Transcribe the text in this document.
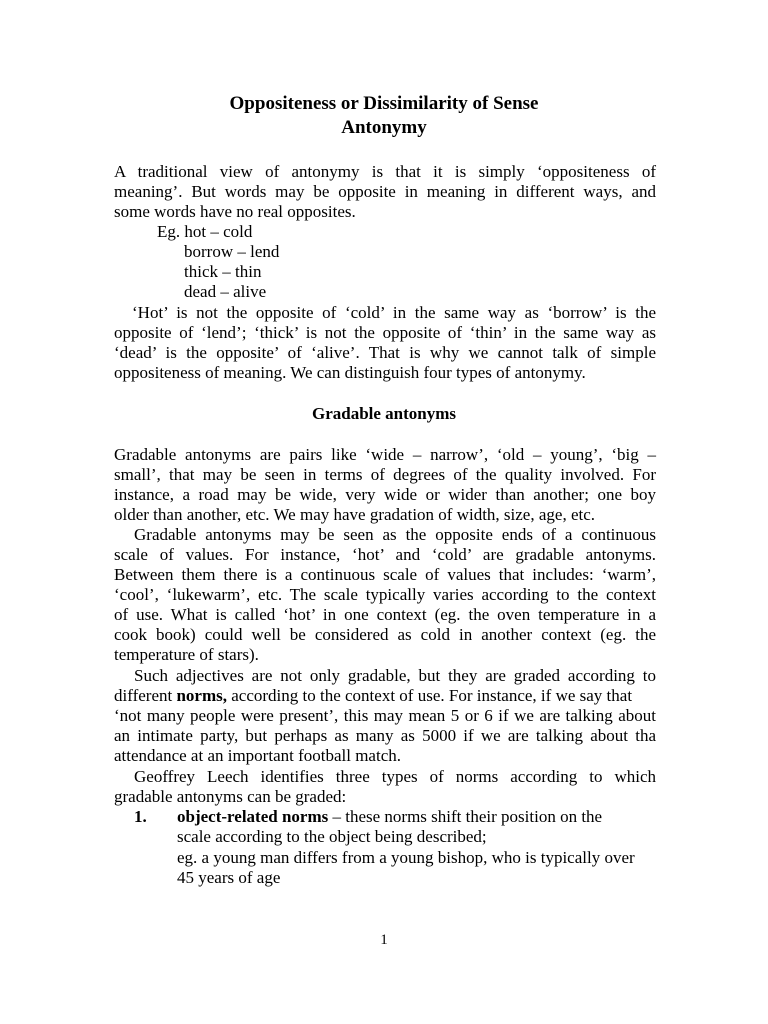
Oppositeness or Dissimilarity of Sense
Antonymy
A traditional view of antonymy is that it is simply ‘oppositeness of
meaning’. But words may be opposite in meaning in different ways, and
some words have no real opposites.
Eg. hot – cold
borrow – lend
thick – thin
dead – alive
‘Hot’ is not the opposite of ‘cold’ in the same way as ‘borrow’ is the
opposite of ‘lend’; ‘thick’ is not the opposite of ‘thin’ in the same way as
‘dead’ is the opposite’ of ‘alive’. That is why we cannot talk of simple
oppositeness of meaning. We can distinguish four types of antonymy.
Gradable antonyms
Gradable antonyms are pairs like ‘wide – narrow’, ‘old – young’, ‘big –
small’, that may be seen in terms of degrees of the quality involved. For
instance, a road may be wide, very wide or wider than another; one boy
older than another, etc. We may have gradation of width, size, age, etc.
Gradable antonyms may be seen as the opposite ends of a continuous
scale of values. For instance, ‘hot’ and ‘cold’ are gradable antonyms.
Between them there is a continuous scale of values that includes: ‘warm’,
‘cool’, ‘lukewarm’, etc. The scale typically varies according to the context
of use. What is called ‘hot’ in one context (eg. the oven temperature in a
cook book) could well be considered as cold in another context (eg. the
temperature of stars).
Such adjectives are not only gradable, but they are graded according to
different norms, according to the context of use. For instance, if we say that
‘not many people were present’, this may mean 5 or 6 if we are talking about
an intimate party, but perhaps as many as 5000 if we are talking about tha
attendance at an important football match.
Geoffrey Leech identifies three types of norms according to which
gradable antonyms can be graded:
1. object-related norms – these norms shift their position on the
scale according to the object being described;
eg. a young man differs from a young bishop, who is typically over
45 years of age
1
